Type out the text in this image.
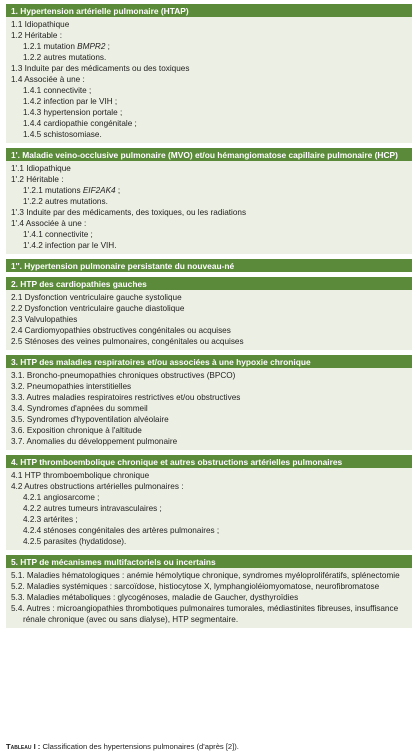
1. Hypertension artérielle pulmonaire (HTAP)
1.1 Idiopathique
1.2 Héritable :
1.2.1 mutation BMPR2 ;
1.2.2 autres mutations.
1.3 Induite par des médicaments ou des toxiques
1.4 Associée à une :
1.4.1 connectivite ;
1.4.2 infection par le VIH ;
1.4.3 hypertension portale ;
1.4.4 cardiopathie congénitale ;
1.4.5 schistosomiase.
1'. Maladie veino-occlusive pulmonaire (MVO) et/ou hémangiomatose capillaire pulmonaire (HCP)
1'.1 Idiopathique
1'.2 Héritable :
1'.2.1 mutations EIF2AK4 ;
1'.2.2 autres mutations.
1'.3 Induite par des médicaments, des toxiques, ou les radiations
1'.4 Associée à une :
1'.4.1 connectivite ;
1'.4.2 infection par le VIH.
1''. Hypertension pulmonaire persistante du nouveau-né
2. HTP des cardiopathies gauches
2.1 Dysfonction ventriculaire gauche systolique
2.2 Dysfonction ventriculaire gauche diastolique
2.3 Valvulopathies
2.4 Cardiomyopathies obstructives congénitales ou acquises
2.5 Sténoses des veines pulmonaires, congénitales ou acquises
3. HTP des maladies respiratoires et/ou associées à une hypoxie chronique
3.1. Broncho-pneumopathies chroniques obstructives (BPCO)
3.2. Pneumopathies interstitielles
3.3. Autres maladies respiratoires restrictives et/ou obstructives
3.4. Syndromes d'apnées du sommeil
3.5. Syndromes d'hypoventilation alvéolaire
3.6. Exposition chronique à l'altitude
3.7. Anomalies du développement pulmonaire
4. HTP thromboembolique chronique et autres obstructions artérielles pulmonaires
4.1 HTP thromboembolique chronique
4.2 Autres obstructions artérielles pulmonaires :
4.2.1 angiosarcome ;
4.2.2 autres tumeurs intravasculaires ;
4.2.3 artérites ;
4.2.4 sténoses congénitales des artères pulmonaires ;
4.2.5 parasites (hydatidose).
5. HTP de mécanismes multifactoriels ou incertains
5.1. Maladies hématologiques : anémie hémolytique chronique, syndromes myéloprolifératifs, splénectomie
5.2. Maladies systémiques : sarcoïdose, histiocytose X, lymphangioléiomyomatose, neurofibromatose
5.3. Maladies métaboliques : glycogénoses, maladie de Gaucher, dysthyroïdies
5.4. Autres : microangiopathies thrombotiques pulmonaires tumorales, médiastinites fibreuses, insuffisance rénale chronique (avec ou sans dialyse), HTP segmentaire.
Tableau I : Classification des hypertensions pulmonaires (d'après [2]).
